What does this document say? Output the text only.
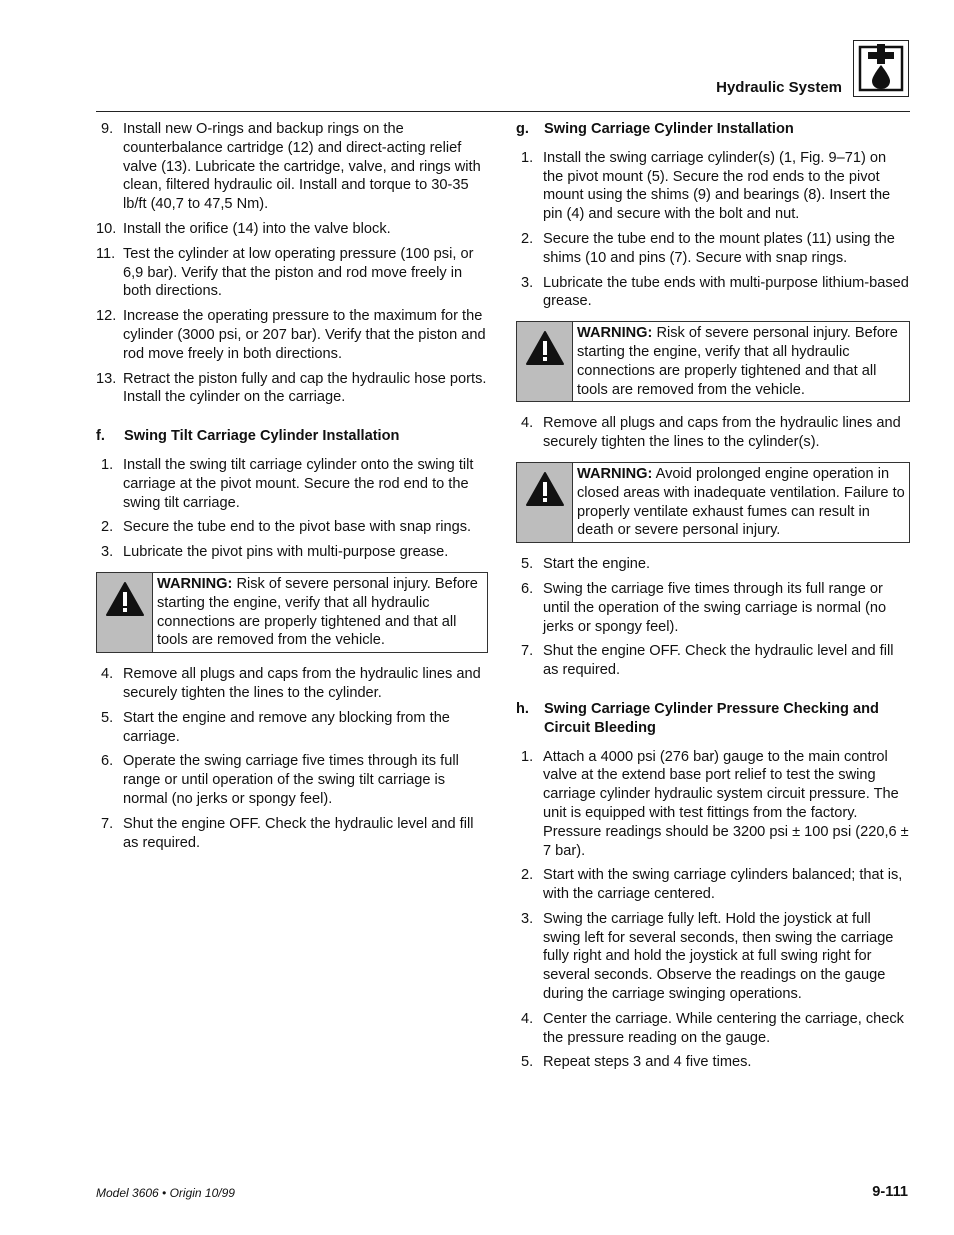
Hydraulic System
9. Install new O-rings and backup rings on the counterbalance cartridge (12) and direct-acting relief valve (13). Lubricate the cartridge, valve, and rings with clean, filtered hydraulic oil. Install and torque to 30-35 lb/ft (40,7 to 47,5 Nm).
10. Install the orifice (14) into the valve block.
11. Test the cylinder at low operating pressure (100 psi, or 6,9 bar). Verify that the piston and rod move freely in both directions.
12. Increase the operating pressure to the maximum for the cylinder (3000 psi, or 207 bar). Verify that the piston and rod move freely in both directions.
13. Retract the piston fully and cap the hydraulic hose ports. Install the cylinder on the carriage.
f.	Swing Tilt Carriage Cylinder Installation
1. Install the swing tilt carriage cylinder onto the swing tilt carriage at the pivot mount. Secure the rod end to the swing tilt carriage.
2. Secure the tube end to the pivot base with snap rings.
3. Lubricate the pivot pins with multi-purpose grease.
WARNING: Risk of severe personal injury. Before starting the engine, verify that all hydraulic connections are properly tightened and that all tools are removed from the vehicle.
4. Remove all plugs and caps from the hydraulic lines and securely tighten the lines to the cylinder.
5. Start the engine and remove any blocking from the carriage.
6. Operate the swing carriage five times through its full range or until operation of the swing tilt carriage is normal (no jerks or spongy feel).
7. Shut the engine OFF. Check the hydraulic level and fill as required.
g.	Swing Carriage Cylinder Installation
1. Install the swing carriage cylinder(s) (1, Fig. 9–71) on the pivot mount (5). Secure the rod ends to the pivot mount using the shims (9) and bearings (8). Insert the pin (4) and secure with the bolt and nut.
2. Secure the tube end to the mount plates (11) using the shims (10 and pins (7). Secure with snap rings.
3. Lubricate the tube ends with multi-purpose lithium-based grease.
WARNING: Risk of severe personal injury. Before starting the engine, verify that all hydraulic connections are properly tightened and that all tools are removed from the vehicle.
4. Remove all plugs and caps from the hydraulic lines and securely tighten the lines to the cylinder(s).
WARNING: Avoid prolonged engine operation in closed areas with inadequate ventilation. Failure to properly ventilate exhaust fumes can result in death or severe personal injury.
5. Start the engine.
6. Swing the carriage five times through its full range or until the operation of the swing carriage is normal (no jerks or spongy feel).
7. Shut the engine OFF. Check the hydraulic level and fill as required.
h.	Swing Carriage Cylinder Pressure Checking and Circuit Bleeding
1. Attach a 4000 psi (276 bar) gauge to the main control valve at the extend base port relief to test the swing carriage cylinder hydraulic system circuit pressure. The unit is equipped with test fittings from the factory. Pressure readings should be 3200 psi ± 100 psi (220,6 ± 7 bar).
2. Start with the swing carriage cylinders balanced; that is, with the carriage centered.
3. Swing the carriage fully left. Hold the joystick at full swing left for several seconds, then swing the carriage fully right and hold the joystick at full swing right for several seconds. Observe the readings on the gauge during the carriage swinging operations.
4. Center the carriage. While centering the carriage, check the pressure reading on the gauge.
5. Repeat steps 3 and 4 five times.
Model 3606 • Origin 10/99	9-111
